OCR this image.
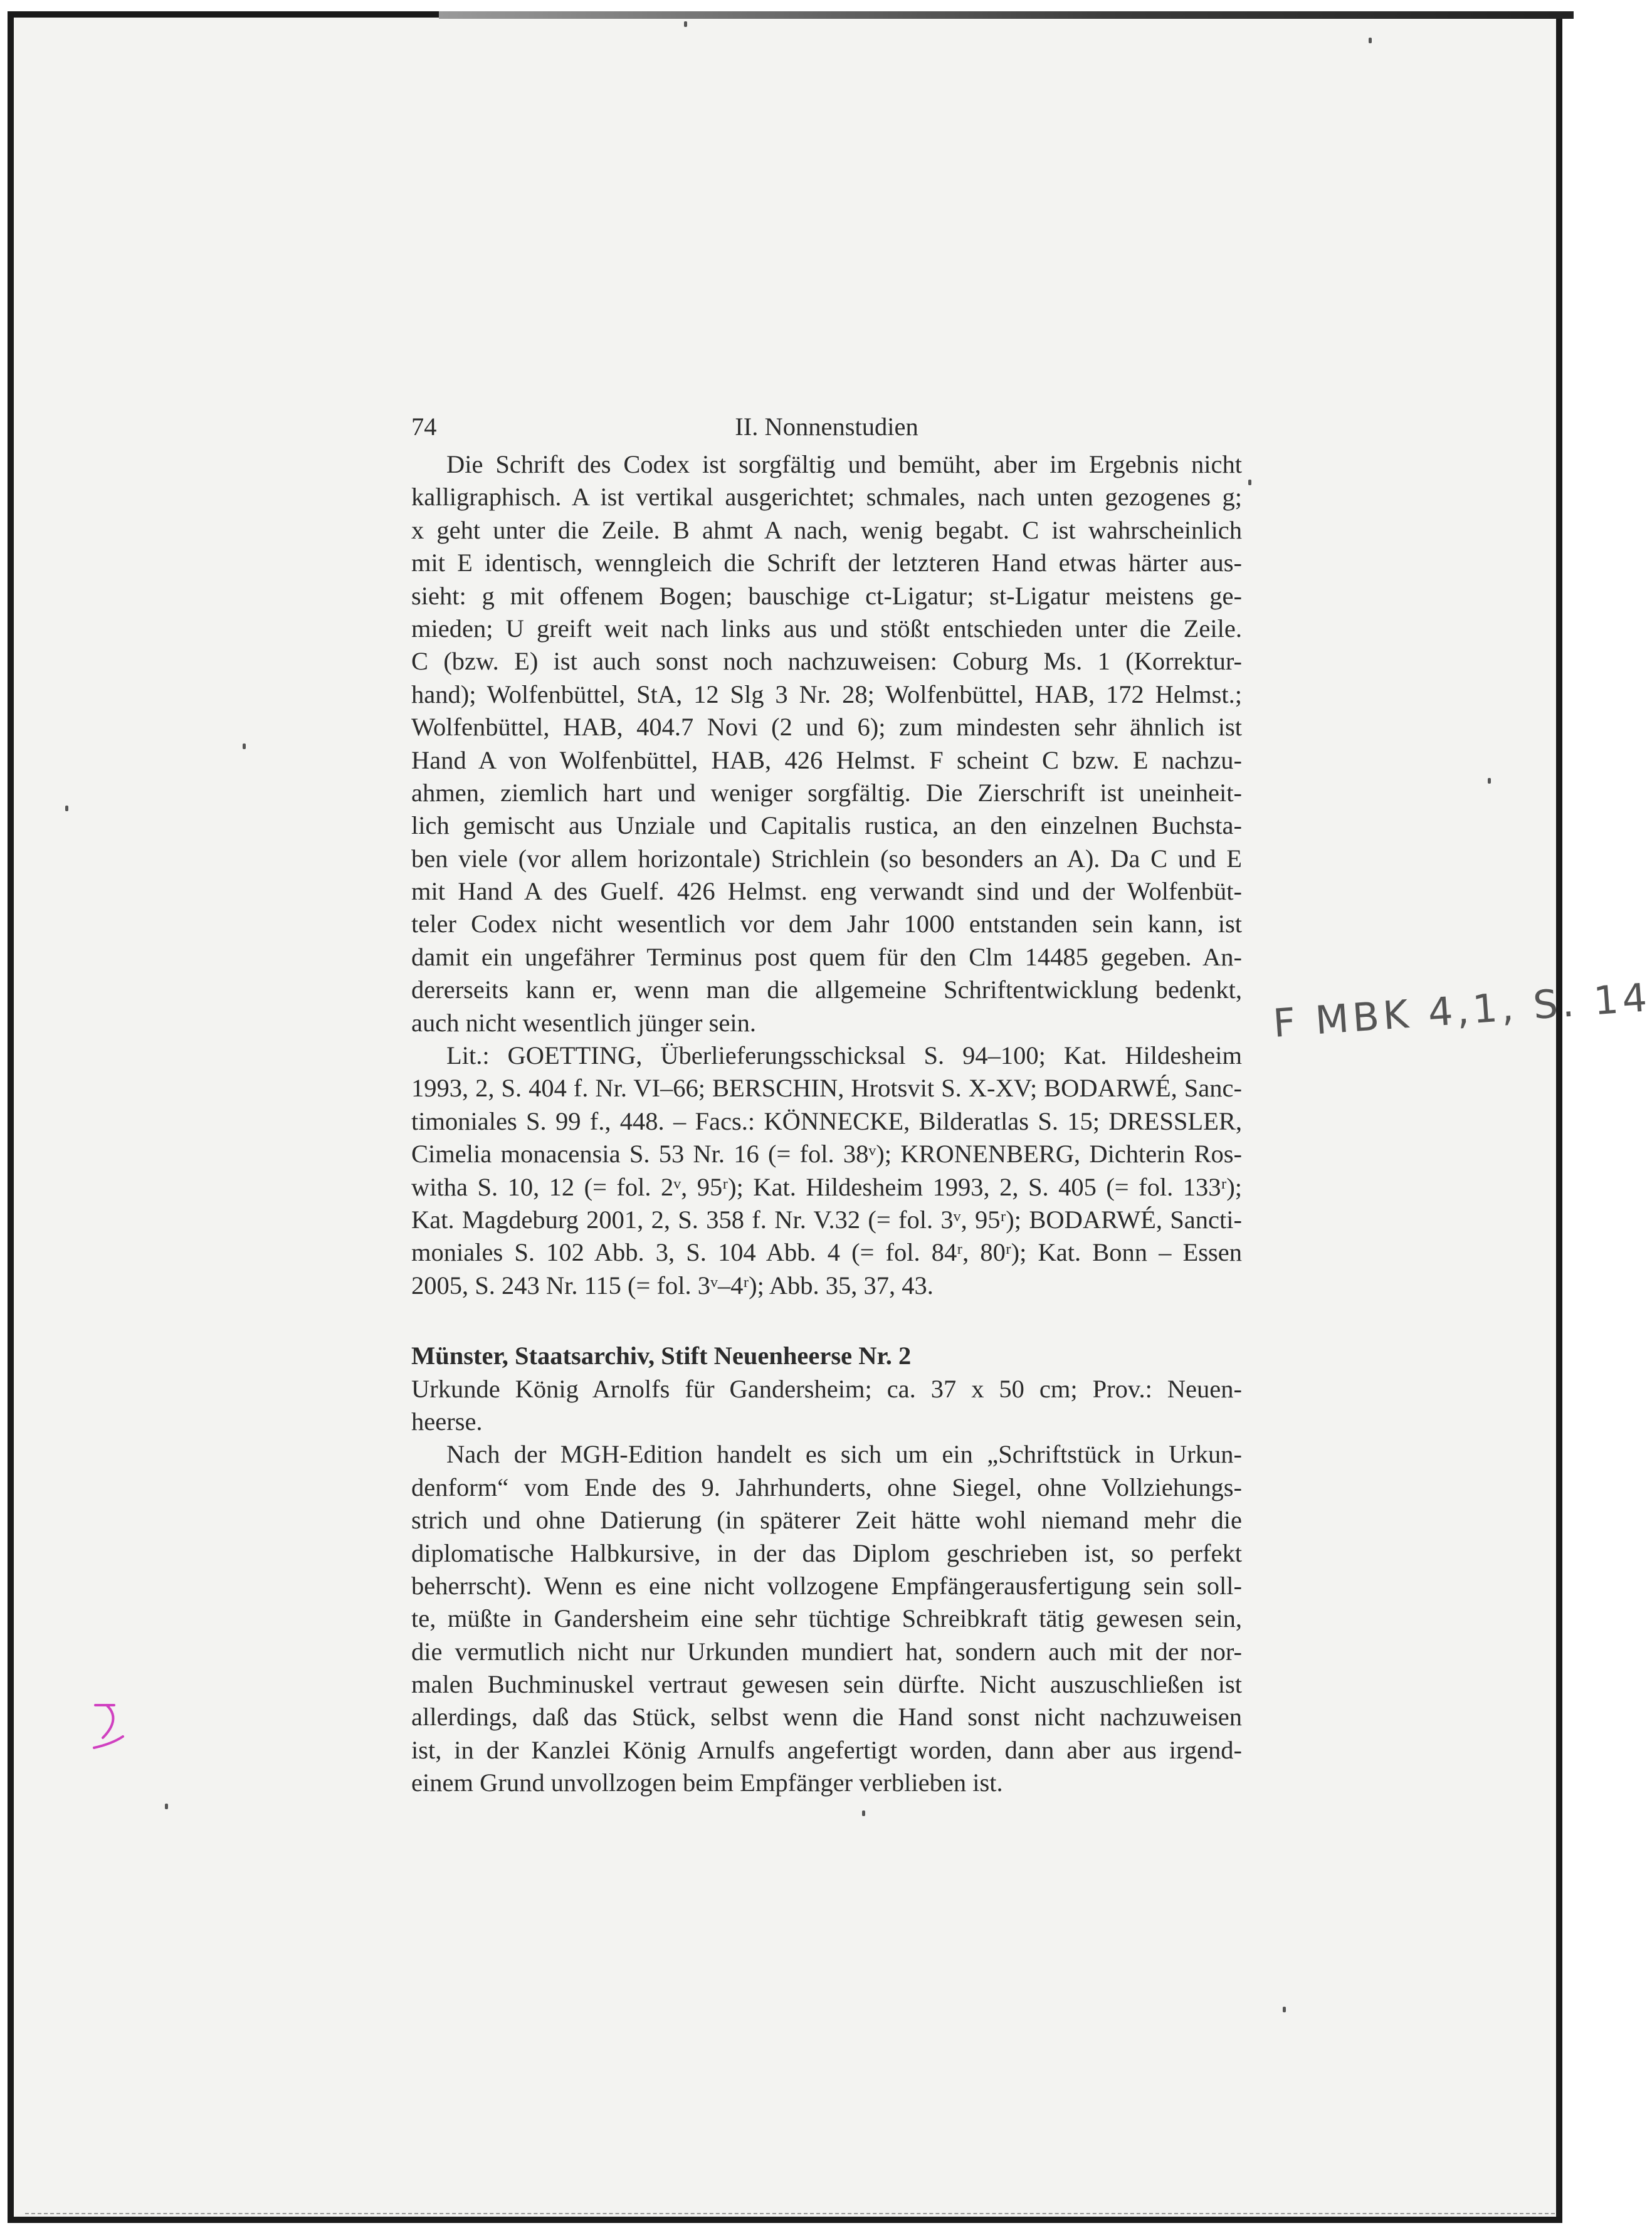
74	II. Nonnenstudien
Die Schrift des Codex ist sorgfältig und bemüht, aber im Ergebnis nicht
kalligraphisch. A ist vertikal ausgerichtet; schmales, nach unten gezogenes g;
x geht unter die Zeile. B ahmt A nach, wenig begabt. C ist wahrscheinlich
mit E identisch, wenngleich die Schrift der letzteren Hand etwas härter aus-
sieht: g mit offenem Bogen; bauschige ct-Ligatur; st-Ligatur meistens ge-
mieden; U greift weit nach links aus und stößt entschieden unter die Zeile.
C (bzw. E) ist auch sonst noch nachzuweisen: Coburg Ms. 1 (Korrektur-
hand); Wolfenbüttel, StA, 12 Slg 3 Nr. 28; Wolfenbüttel, HAB, 172 Helmst.;
Wolfenbüttel, HAB, 404.7 Novi (2 und 6); zum mindesten sehr ähnlich ist
Hand A von Wolfenbüttel, HAB, 426 Helmst. F scheint C bzw. E nachzu-
ahmen, ziemlich hart und weniger sorgfältig. Die Zierschrift ist uneinheit-
lich gemischt aus Unziale und Capitalis rustica, an den einzelnen Buchsta-
ben viele (vor allem horizontale) Strichlein (so besonders an A). Da C und E
mit Hand A des Guelf. 426 Helmst. eng verwandt sind und der Wolfenbüt-
teler Codex nicht wesentlich vor dem Jahr 1000 entstanden sein kann, ist
damit ein ungefährer Terminus post quem für den Clm 14485 gegeben. An-
dererseits kann er, wenn man die allgemeine Schriftentwicklung bedenkt,
auch nicht wesentlich jünger sein.
Lit.: GOETTING, Überlieferungsschicksal S. 94–100; Kat. Hildesheim
1993, 2, S. 404 f. Nr. VI–66; BERSCHIN, Hrotsvit S. X-XV; BODARWÉ, Sanc-
timoniales S. 99 f., 448. – Facs.: KÖNNECKE, Bilderatlas S. 15; DRESSLER,
Cimelia monacensia S. 53 Nr. 16 (= fol. 38ᵛ); KRONENBERG, Dichterin Ros-
witha S. 10, 12 (= fol. 2ᵛ, 95ʳ); Kat. Hildesheim 1993, 2, S. 405 (= fol. 133ʳ);
Kat. Magdeburg 2001, 2, S. 358 f. Nr. V.32 (= fol. 3ᵛ, 95ʳ); BODARWÉ, Sancti-
moniales S. 102 Abb. 3, S. 104 Abb. 4 (= fol. 84ʳ, 80ʳ); Kat. Bonn – Essen
2005, S. 243 Nr. 115 (= fol. 3ᵛ–4ʳ); Abb. 35, 37, 43.
Münster, Staatsarchiv, Stift Neuenheerse Nr. 2
Urkunde König Arnolfs für Gandersheim; ca. 37 x 50 cm; Prov.: Neuen-
heerse.
Nach der MGH-Edition handelt es sich um ein „Schriftstück in Urkun-
denform“ vom Ende des 9. Jahrhunderts, ohne Siegel, ohne Vollziehungs-
strich und ohne Datierung (in späterer Zeit hätte wohl niemand mehr die
diplomatische Halbkursive, in der das Diplom geschrieben ist, so perfekt
beherrscht). Wenn es eine nicht vollzogene Empfängerausfertigung sein soll-
te, müßte in Gandersheim eine sehr tüchtige Schreibkraft tätig gewesen sein,
die vermutlich nicht nur Urkunden mundiert hat, sondern auch mit der nor-
malen Buchminuskel vertraut gewesen sein dürfte. Nicht auszuschließen ist
allerdings, daß das Stück, selbst wenn die Hand sonst nicht nachzuweisen
ist, in der Kanzlei König Arnulfs angefertigt worden, dann aber aus irgend-
einem Grund unvollzogen beim Empfänger verblieben ist.
F MBK 4,1, S. 14
